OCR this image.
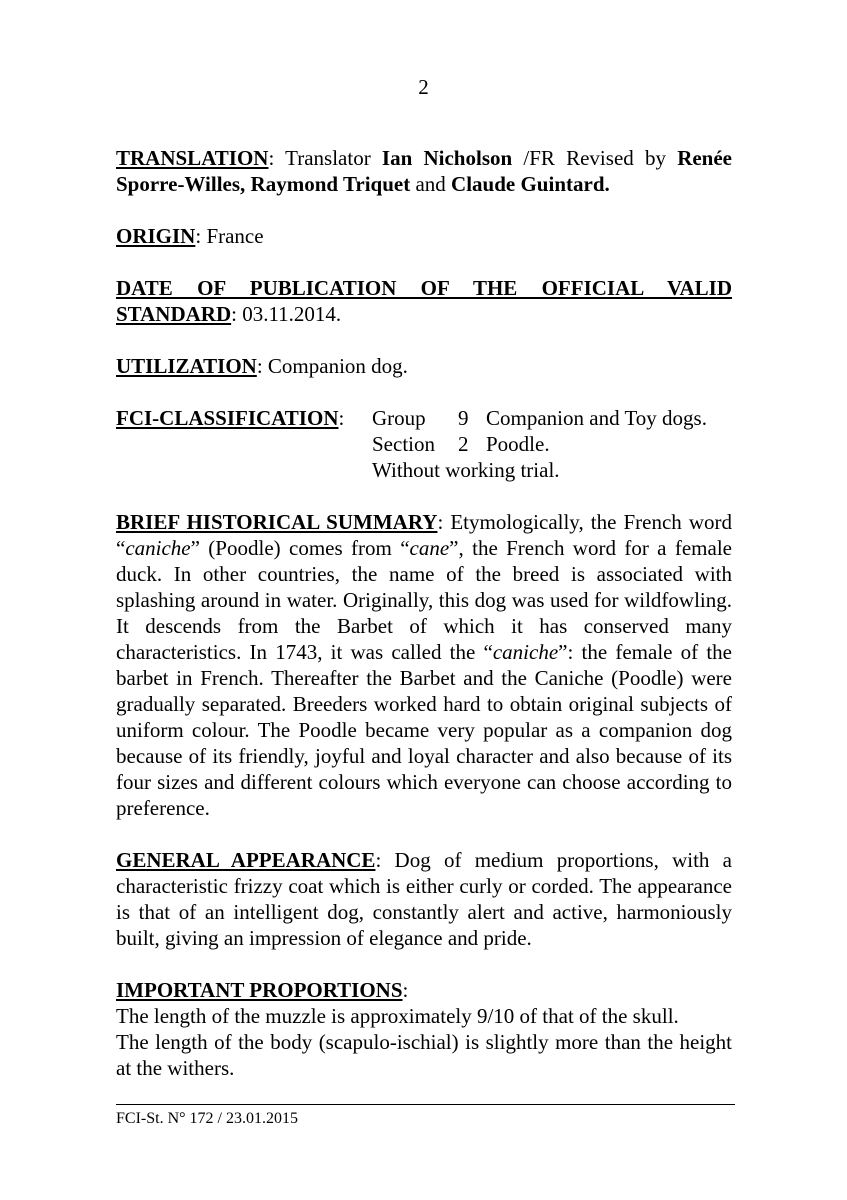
2
TRANSLATION: Translator Ian Nicholson /FR Revised by Renée
Sporre-Willes, Raymond Triquet and Claude Guintard.
ORIGIN: France
DATE OF PUBLICATION OF THE OFFICIAL VALID
STANDARD: 03.11.2014.
UTILIZATION: Companion dog.
FCI-CLASSIFICATION:	Group	9 Companion and Toy dogs.
Section	2 Poodle.
Without working trial.
BRIEF HISTORICAL SUMMARY: Etymologically, the French word “caniche” (Poodle) comes from “cane”, the French word for a female duck. In other countries, the name of the breed is associated with splashing around in water. Originally, this dog was used for wildfowling. It descends from the Barbet of which it has conserved many characteristics. In 1743, it was called the “caniche”: the female of the barbet in French. Thereafter the Barbet and the Caniche (Poodle) were gradually separated. Breeders worked hard to obtain original subjects of uniform colour. The Poodle became very popular as a companion dog because of its friendly, joyful and loyal character and also because of its four sizes and different colours which everyone can choose according to preference.
GENERAL APPEARANCE: Dog of medium proportions, with a characteristic frizzy coat which is either curly or corded. The appearance is that of an intelligent dog, constantly alert and active, harmoniously built, giving an impression of elegance and pride.
IMPORTANT PROPORTIONS:
The length of the muzzle is approximately 9/10 of that of the skull.
The length of the body (scapulo-ischial) is slightly more than the height at the withers.
FCI-St. N° 172 / 23.01.2015
